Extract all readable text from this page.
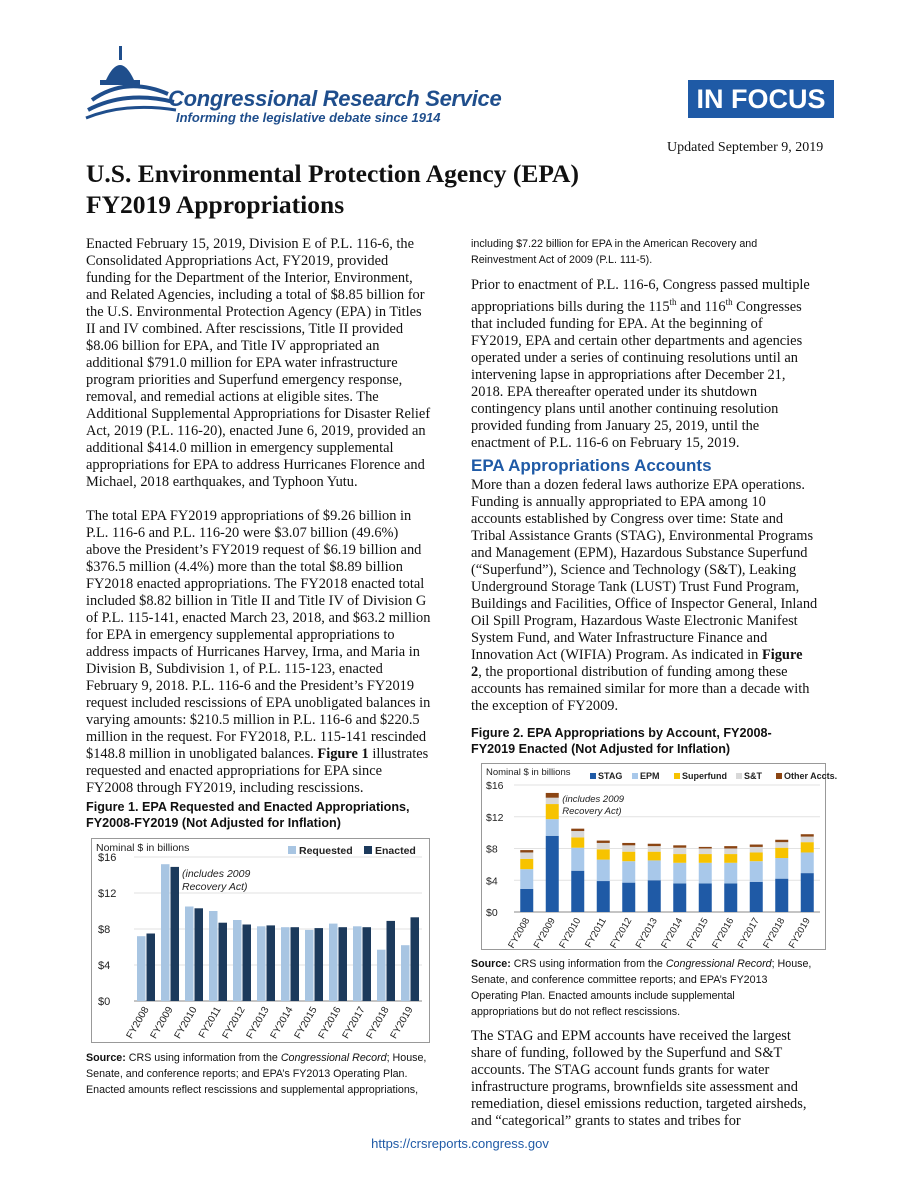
Congressional Research Service
Informing the legislative debate since 1914
IN FOCUS
Updated September 9, 2019
U.S. Environmental Protection Agency (EPA)
FY2019 Appropriations
Enacted February 15, 2019, Division E of P.L. 116-6, the
Consolidated Appropriations Act, FY2019, provided
funding for the Department of the Interior, Environment,
and Related Agencies, including a total of $8.85 billion for
the U.S. Environmental Protection Agency (EPA) in Titles
II and IV combined. After rescissions, Title II provided
$8.06 billion for EPA, and Title IV appropriated an
additional $791.0 million for EPA water infrastructure
program priorities and Superfund emergency response,
removal, and remedial actions at eligible sites. The
Additional Supplemental Appropriations for Disaster Relief
Act, 2019 (P.L. 116-20), enacted June 6, 2019, provided an
additional $414.0 million in emergency supplemental
appropriations for EPA to address Hurricanes Florence and
Michael, 2018 earthquakes, and Typhoon Yutu.
The total EPA FY2019 appropriations of $9.26 billion in
P.L. 116-6 and P.L. 116-20 were $3.07 billion (49.6%)
above the President’s FY2019 request of $6.19 billion and
$376.5 million (4.4%) more than the total $8.89 billion
FY2018 enacted appropriations. The FY2018 enacted total
included $8.82 billion in Title II and Title IV of Division G
of P.L. 115-141, enacted March 23, 2018, and $63.2 million
for EPA in emergency supplemental appropriations to
address impacts of Hurricanes Harvey, Irma, and Maria in
Division B, Subdivision 1, of P.L. 115-123, enacted
February 9, 2018. P.L. 116-6 and the President’s FY2019
request included rescissions of EPA unobligated balances in
varying amounts: $210.5 million in P.L. 116-6 and $220.5
million in the request. For FY2018, P.L. 115-141 rescinded
$148.8 million in unobligated balances. Figure 1 illustrates
requested and enacted appropriations for EPA since
FY2008 through FY2019, including rescissions.
Figure 1. EPA Requested and Enacted Appropriations,
FY2008-FY2019 (Not Adjusted for Inflation)
Nominal $ in billions
$0
$4
$8
$12
$16
Requested Enacted
FY2008
FY2009
FY2010
FY2011
FY2012
FY2013
FY2014
FY2015
FY2016
FY2017
FY2018
FY2019
(includes 2009
Recovery Act)
Source: CRS using information from the Congressional Record; House,
Senate, and conference reports; and EPA’s FY2013 Operating Plan.
Enacted amounts reflect rescissions and supplemental appropriations,
including $7.22 billion for EPA in the American Recovery and
Reinvestment Act of 2009 (P.L. 111-5).
Prior to enactment of P.L. 116-6, Congress passed multiple
appropriations bills during the 115th and 116th Congresses
that included funding for EPA. At the beginning of
FY2019, EPA and certain other departments and agencies
operated under a series of continuing resolutions until an
intervening lapse in appropriations after December 21,
2018. EPA thereafter operated under its shutdown
contingency plans until another continuing resolution
provided funding from January 25, 2019, until the
enactment of P.L. 116-6 on February 15, 2019.
EPA Appropriations Accounts
More than a dozen federal laws authorize EPA operations.
Funding is annually appropriated to EPA among 10
accounts established by Congress over time: State and
Tribal Assistance Grants (STAG), Environmental Programs
and Management (EPM), Hazardous Substance Superfund
(“Superfund”), Science and Technology (S&T), Leaking
Underground Storage Tank (LUST) Trust Fund Program,
Buildings and Facilities, Office of Inspector General, Inland
Oil Spill Program, Hazardous Waste Electronic Manifest
System Fund, and Water Infrastructure Finance and
Innovation Act (WIFIA) Program. As indicated in Figure
2, the proportional distribution of funding among these
accounts has remained similar for more than a decade with
the exception of FY2009.
Figure 2. EPA Appropriations by Account, FY2008-
FY2019 Enacted (Not Adjusted for Inflation)
Nominal $ in billions
$0
$4
$8
$12
$16
STAG EPM Superfund S&T Other Accts.
FY2008 FY2009 FY2010 FY2011 FY2012 FY2013 FY2014 FY2015 FY2016 FY2017 FY2018 FY2019
(includes 2009
Recovery Act)
Source: CRS using information from the Congressional Record; House,
Senate, and conference committee reports; and EPA’s FY2013
Operating Plan. Enacted amounts include supplemental
appropriations but do not reflect rescissions.
The STAG and EPM accounts have received the largest
share of funding, followed by the Superfund and S&T
accounts. The STAG account funds grants for water
infrastructure programs, brownfields site assessment and
remediation, diesel emissions reduction, targeted airsheds,
and “categorical” grants to states and tribes for
https://crsreports.congress.gov
